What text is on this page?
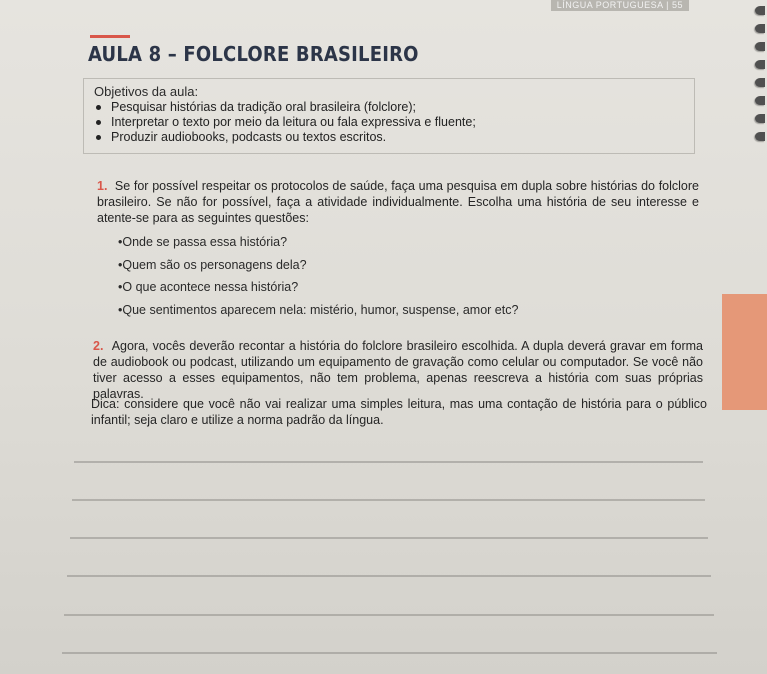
LÍNGUA PORTUGUESA | 55
AULA 8 – FOLCLORE BRASILEIRO
Objetivos da aula:
Pesquisar histórias da tradição oral brasileira (folclore);
Interpretar o texto por meio da leitura ou fala expressiva e fluente;
Produzir audiobooks, podcasts ou textos escritos.
1. Se for possível respeitar os protocolos de saúde, faça uma pesquisa em dupla sobre histórias do folclore brasileiro. Se não for possível, faça a atividade individualmente. Escolha uma história de seu interesse e atente-se para as seguintes questões:
•Onde se passa essa história?
•Quem são os personagens dela?
•O que acontece nessa história?
•Que sentimentos aparecem nela: mistério, humor, suspense, amor etc?
2. Agora, vocês deverão recontar a história do folclore brasileiro escolhida. A dupla deverá gravar em forma de audiobook ou podcast, utilizando um equipamento de gravação como celular ou computador. Se você não tiver acesso a esses equipamentos, não tem problema, apenas reescreva a história com suas próprias palavras.
Dica: considere que você não vai realizar uma simples leitura, mas uma contação de história para o público infantil; seja claro e utilize a norma padrão da língua.
